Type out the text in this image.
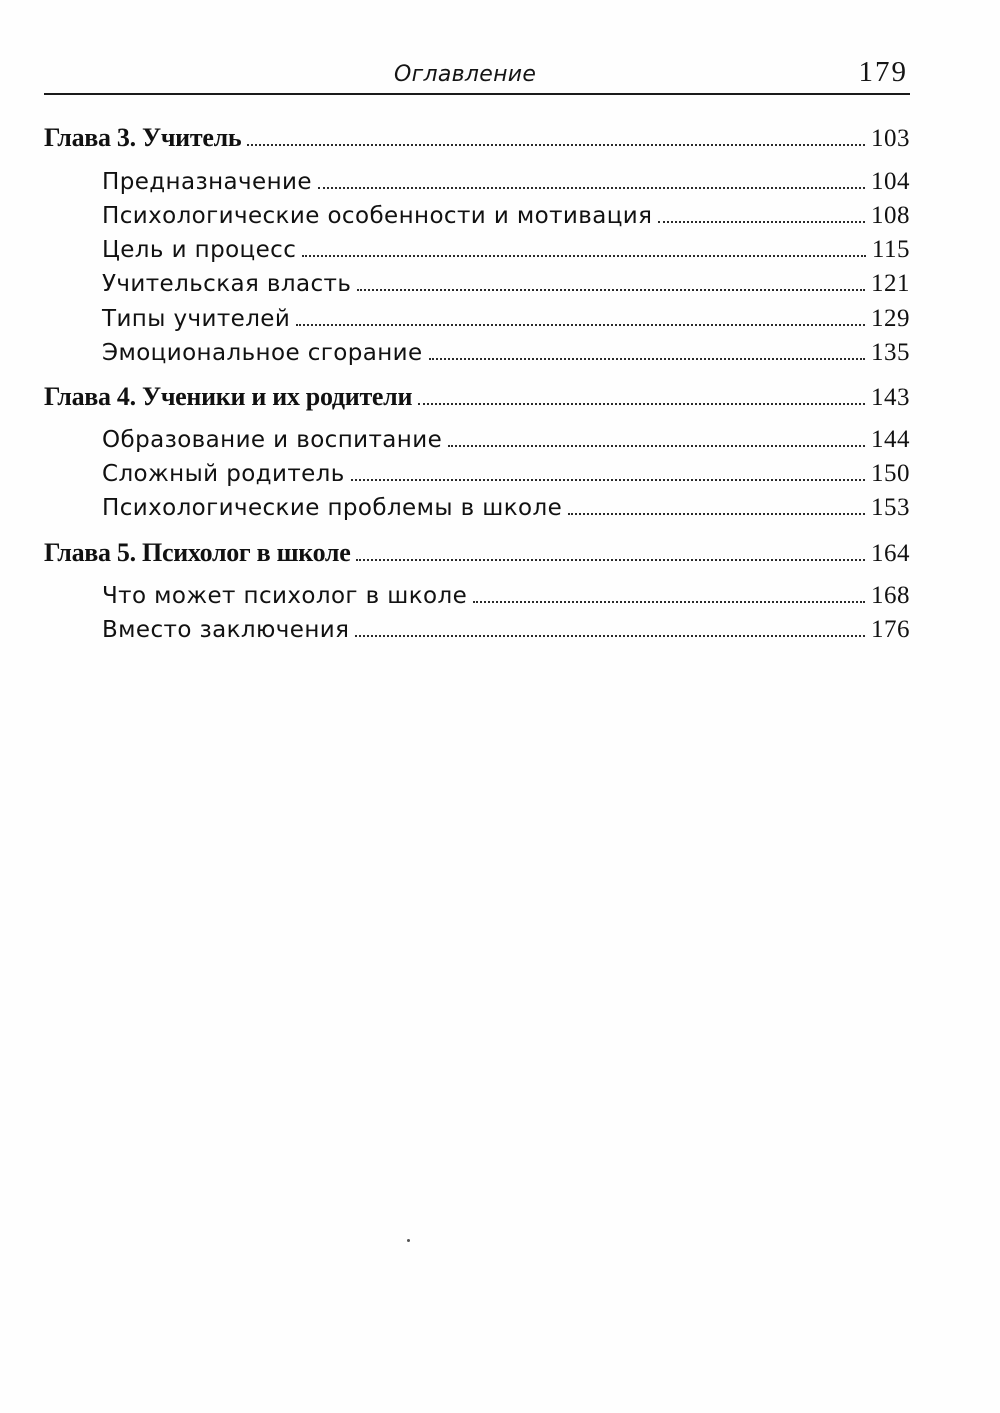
Оглавление	179
Глава 3. Учитель	103
Предназначение	104
Психологические особенности и мотивация	108
Цель и процесс	115
Учительская власть	121
Типы учителей	129
Эмоциональное сгорание	135
Глава 4. Ученики и их родители	143
Образование и воспитание	144
Сложный родитель	150
Психологические проблемы в школе	153
Глава 5. Психолог в школе	164
Что может психолог в школе	168
Вместо заключения	176
